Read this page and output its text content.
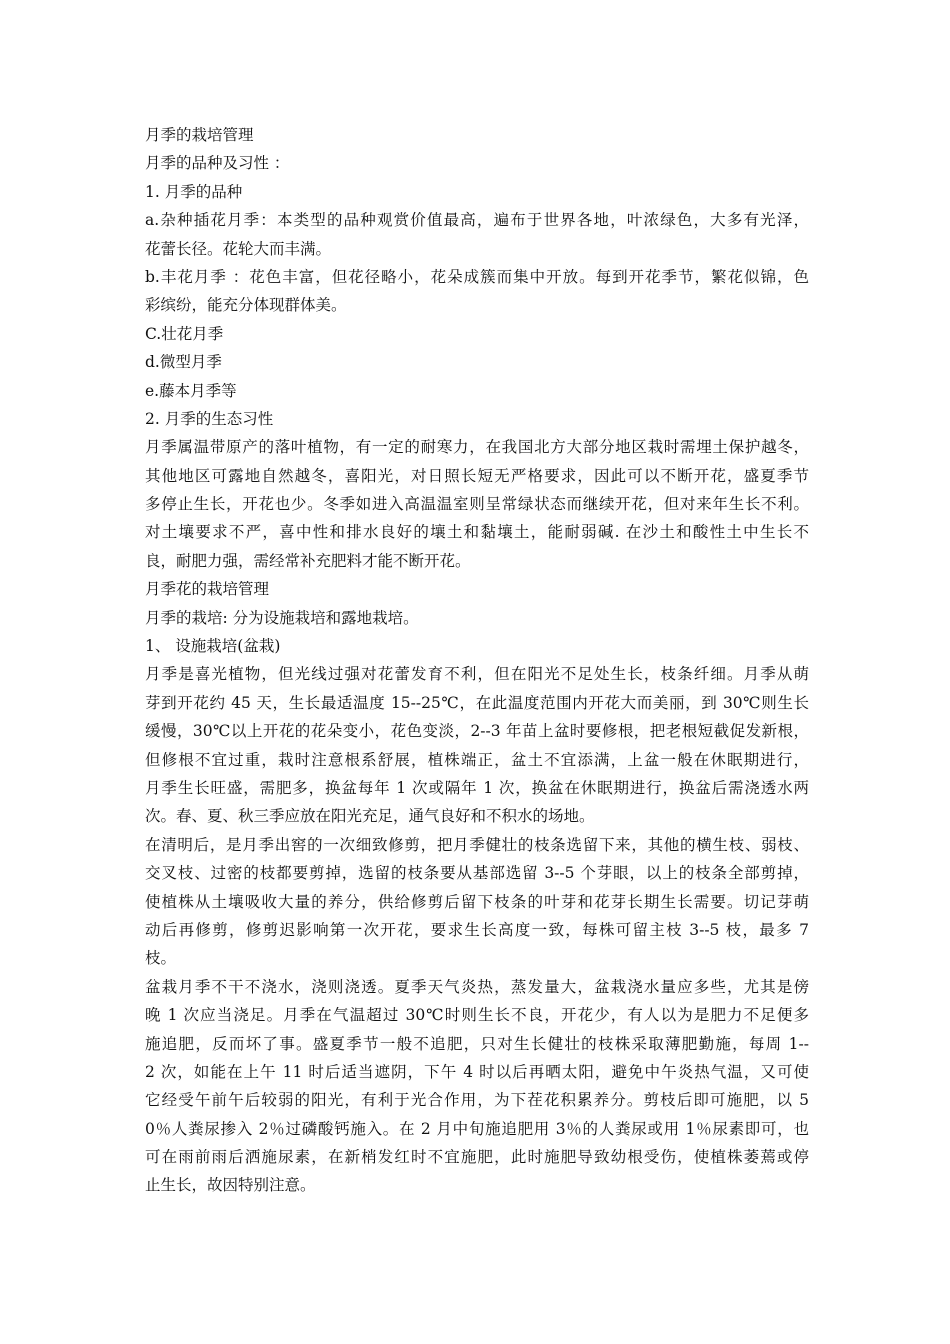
月季的栽培管理
月季的品种及习性 ：
1. 月季的品种
a.杂种插花月季：本类型的品种观赏价值最高，遍布于世界各地，叶浓绿色，大多有光泽，
花蕾长径。花轮大而丰满。
b.丰花月季 ：花色丰富，但花径略小，花朵成簇而集中开放。每到开花季节，繁花似锦，色
彩缤纷，能充分体现群体美。
C.壮花月季
d.微型月季
e.藤本月季等
2. 月季的生态习性
月季属温带原产的落叶植物，有一定的耐寒力，在我国北方大部分地区栽时需埋土保护越冬，
其他地区可露地自然越冬，喜阳光，对日照长短无严格要求，因此可以不断开花，盛夏季节
多停止生长，开花也少。冬季如进入高温温室则呈常绿状态而继续开花，但对来年生长不利。
对土壤要求不严，喜中性和排水良好的壤土和黏壤土，能耐弱碱. 在沙土和酸性土中生长不
良，耐肥力强，需经常补充肥料才能不断开花。
月季花的栽培管理
月季的栽培: 分为设施栽培和露地栽培。
1、 设施栽培(盆栽)
月季是喜光植物，但光线过强对花蕾发育不利，但在阳光不足处生长，枝条纤细。月季从萌
芽到开花约 45 天，生长最适温度 15--25℃，在此温度范围内开花大而美丽，到 30℃则生长
缓慢，30℃以上开花的花朵变小，花色变淡，2--3 年苗上盆时要修根，把老根短截促发新根，
但修根不宜过重，栽时注意根系舒展，植株端正，盆土不宜添满，上盆一般在休眠期进行，
月季生长旺盛，需肥多，换盆每年 1 次或隔年 1 次，换盆在休眠期进行，换盆后需浇透水两
次。春、夏、秋三季应放在阳光充足，通气良好和不积水的场地。
在清明后，是月季出窖的一次细致修剪，把月季健壮的枝条选留下来，其他的横生枝、弱枝、
交叉枝、过密的枝都要剪掉，选留的枝条要从基部选留 3--5 个芽眼，以上的枝条全部剪掉，
使植株从土壤吸收大量的养分，供给修剪后留下枝条的叶芽和花芽长期生长需要。切记芽萌
动后再修剪，修剪迟影响第一次开花，要求生长高度一致，每株可留主枝 3--5 枝，最多 7
枝。
盆栽月季不干不浇水，浇则浇透。夏季天气炎热，蒸发量大，盆栽浇水量应多些，尤其是傍
晚 1 次应当浇足。月季在气温超过 30℃时则生长不良，开花少，有人以为是肥力不足便多
施追肥，反而坏了事。盛夏季节一般不追肥，只对生长健壮的枝株采取薄肥勤施，每周 1--
2 次，如能在上午 11 时后适当遮阴，下午 4 时以后再晒太阳，避免中午炎热气温，又可使
它经受午前午后较弱的阳光，有利于光合作用，为下茬花积累养分。剪枝后即可施肥，以 5
0％人粪尿掺入 2％过磷酸钙施入。在 2 月中旬施追肥用 3％的人粪尿或用 1％尿素即可，也
可在雨前雨后洒施尿素，在新梢发红时不宜施肥，此时施肥导致幼根受伤，使植株萎蔫或停
止生长，故因特别注意。
